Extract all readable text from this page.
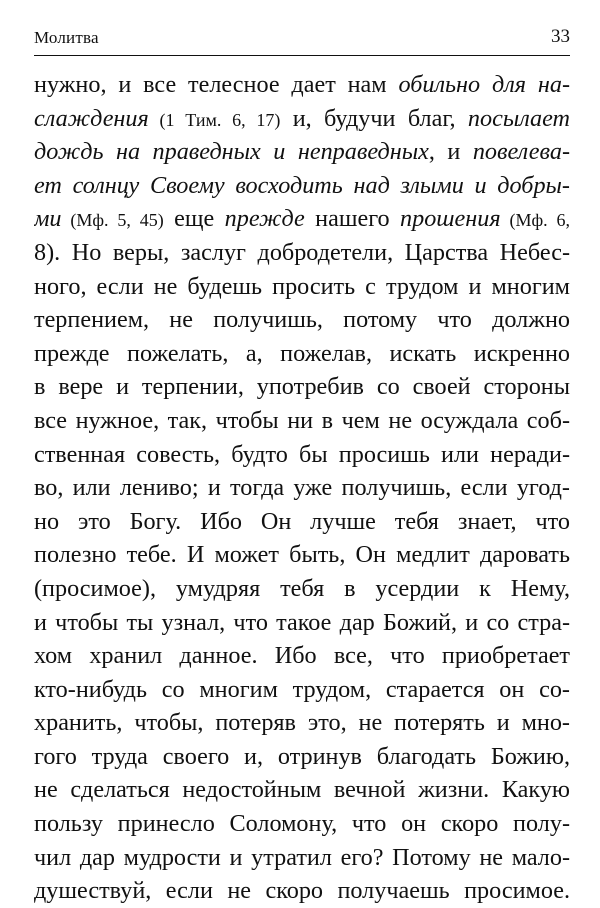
Молитва	33
нужно, и все телесное дает нам обильно для на-
слаждения (1 Тим. 6, 17) и, будучи благ, посылает
дождь на праведных и неправедных, и повелева-
ет солнцу Своему восходить над злыми и добры-
ми (Мф. 5, 45) еще прежде нашего прошения (Мф. 6,
8). Но веры, заслуг добродетели, Царства Небес-
ного, если не будешь просить с трудом и многим
терпением, не получишь, потому что должно
прежде пожелать, а, пожелав, искать искренно
в вере и терпении, употребив со своей стороны
все нужное, так, чтобы ни в чем не осуждала соб-
ственная совесть, будто бы просишь или неради-
во, или лениво; и тогда уже получишь, если угод-
но это Богу. Ибо Он лучше тебя знает, что
полезно тебе. И может быть, Он медлит даровать
(просимое), умудряя тебя в усердии к Нему,
и чтобы ты узнал, что такое дар Божий, и со стра-
хом хранил данное. Ибо все, что приобретает
кто-нибудь со многим трудом, старается он со-
хранить, чтобы, потеряв это, не потерять и мно-
гого труда своего и, отринув благодать Божию,
не сделаться недостойным вечной жизни. Какую
пользу принесло Соломону, что он скоро полу-
чил дар мудрости и утратил его? Потому не мало-
душествуй, если не скоро получаешь просимое.
